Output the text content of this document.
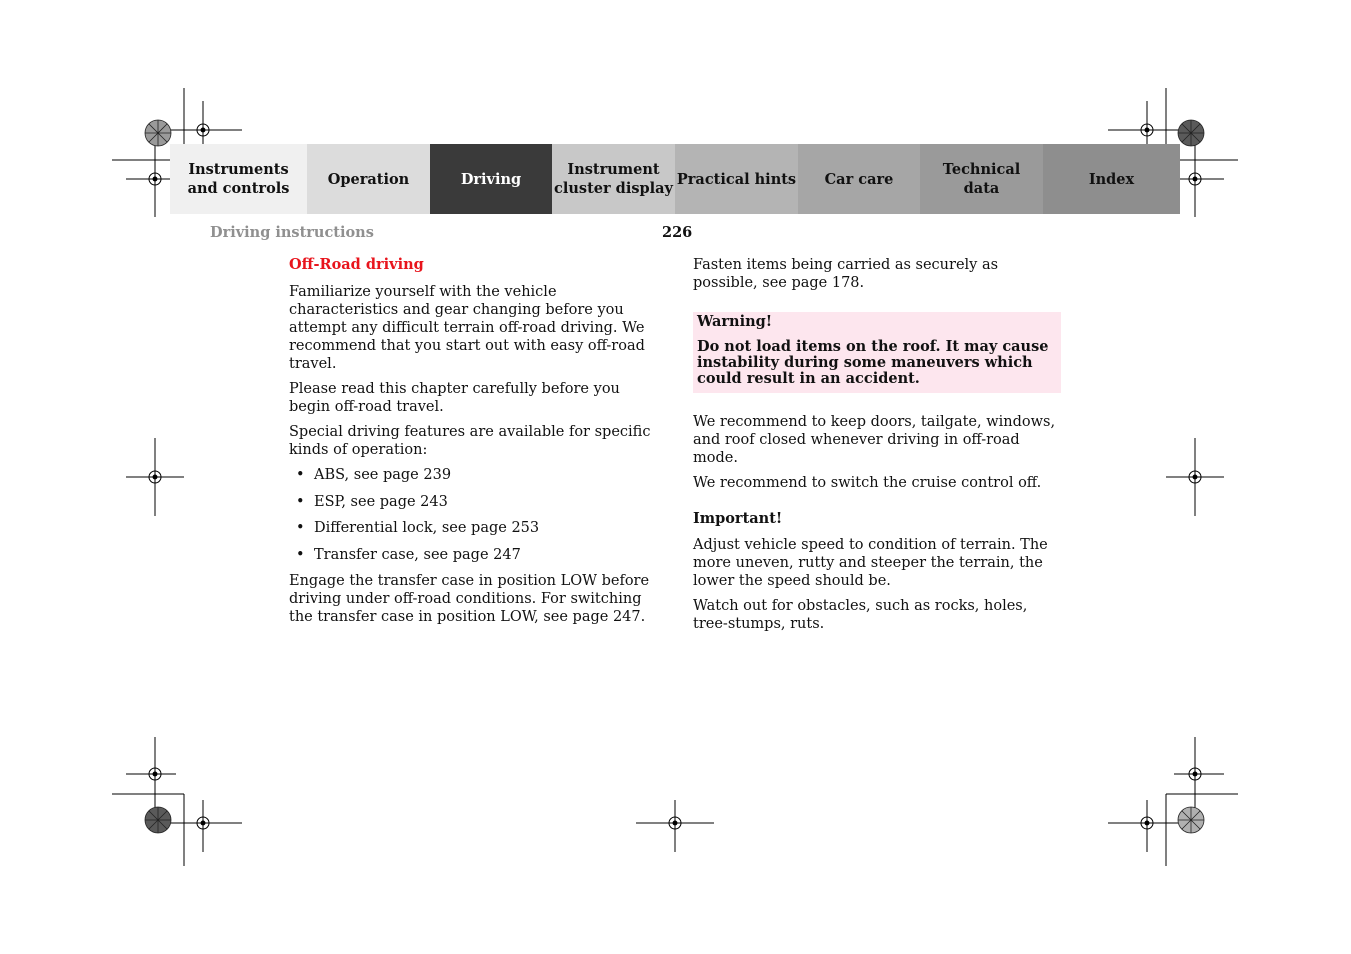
Instruments
and controls
Operation	Driving
Instrument
cluster display
Practical hints Car care
Technical
data
Index
Driving instructions	226

Off-Road driving

Familiarize yourself with the vehicle characteristics and gear changing before you attempt any difficult terrain off-road driving. We recommend that you start out with easy off-road travel.

Please read this chapter carefully before you begin off-road travel.

Special driving features are available for specific kinds of operation:

• ABS, see page 239
• ESP, see page 243
• Differential lock, see page 253
• Transfer case, see page 247

Engage the transfer case in position LOW before driving under off-road conditions. For switching the transfer case in position LOW, see page 247.

Fasten items being carried as securely as possible, see page 178.

Warning!
Do not load items on the roof. It may cause instability during some maneuvers which could result in an accident.

We recommend to keep doors, tailgate, windows, and roof closed whenever driving in off-road mode.

We recommend to switch the cruise control off.

Important!

Adjust vehicle speed to condition of terrain. The more uneven, rutty and steeper the terrain, the lower the speed should be.

Watch out for obstacles, such as rocks, holes, tree-stumps, ruts.
